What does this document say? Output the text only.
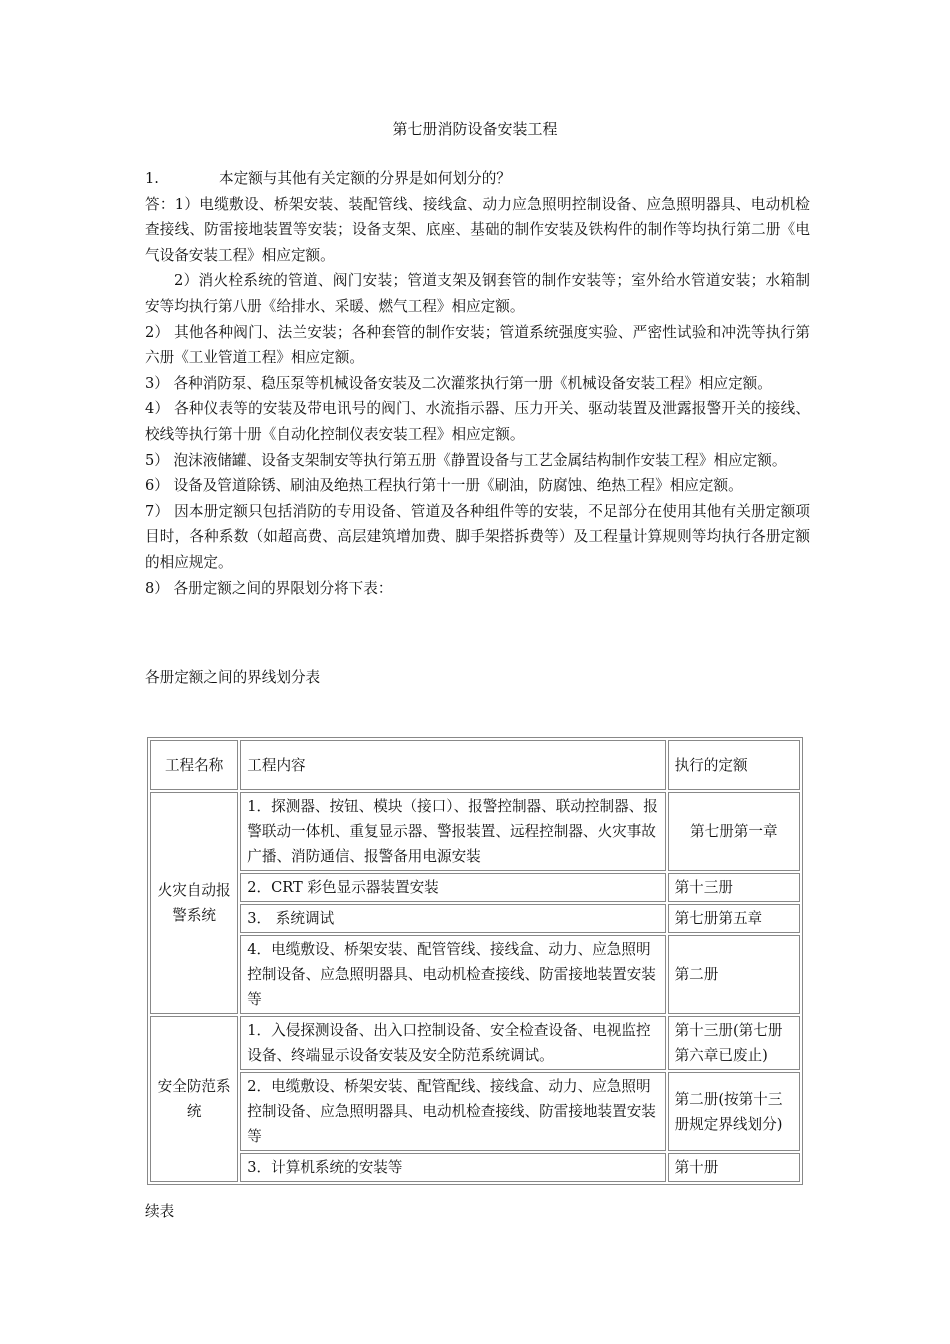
第七册消防设备安装工程

1.	本定额与其他有关定额的分界是如何划分的？

答：1）电缆敷设、桥架安装、装配管线、接线盒、动力应急照明控制设备、应急照明器具、电动机检查接线、防雷接地装置等安装；设备支架、底座、基础的制作安装及铁构件的制作等均执行第二册《电气设备安装工程》相应定额。

2）消火栓系统的管道、阀门安装；管道支架及钢套管的制作安装等；室外给水管道安装；水箱制安等均执行第八册《给排水、采暖、燃气工程》相应定额。

2） 其他各种阀门、法兰安装；各种套管的制作安装；管道系统强度实验、严密性试验和冲洗等执行第六册《工业管道工程》相应定额。

3） 各种消防泵、稳压泵等机械设备安装及二次灌浆执行第一册《机械设备安装工程》相应定额。

4） 各种仪表等的安装及带电讯号的阀门、水流指示器、压力开关、驱动装置及泄露报警开关的接线、校线等执行第十册《自动化控制仪表安装工程》相应定额。

5） 泡沫液储罐、设备支架制安等执行第五册《静置设备与工艺金属结构制作安装工程》相应定额。

6） 设备及管道除锈、刷油及绝热工程执行第十一册《刷油，防腐蚀、绝热工程》相应定额。

7） 因本册定额只包括消防的专用设备、管道及各种组件等的安装，不足部分在使用其他有关册定额项目时，各种系数（如超高费、高层建筑增加费、脚手架搭拆费等）及工程量计算规则等均执行各册定额的相应规定。

8） 各册定额之间的界限划分将下表：

各册定额之间的界线划分表
工程名称	工程内容	执行的定额
火灾自动报警系统	1．探测器、按钮、模块（接口）、报警控制器、联动控制器、报警联动一体机、重复显示器、警报装置、远程控制器、火灾事故广播、消防通信、报警备用电源安装	第七册第一章
	2．CRT 彩色显示器装置安装	第十三册
	3． 系统调试	第七册第五章
	4．电缆敷设、桥架安装、配管管线、接线盒、动力、应急照明控制设备、应急照明器具、电动机检查接线、防雷接地装置安装等	第二册
安全防范系统	1．入侵探测设备、出入口控制设备、安全检查设备、电视监控设备、终端显示设备安装及安全防范系统调试。	第十三册(第七册第六章已废止)
	2．电缆敷设、桥架安装、配管配线、接线盒、动力、应急照明控制设备、应急照明器具、电动机检查接线、防雷接地装置安装等	第二册(按第十三册规定界线划分)
	3．计算机系统的安装等	第十册
续表
